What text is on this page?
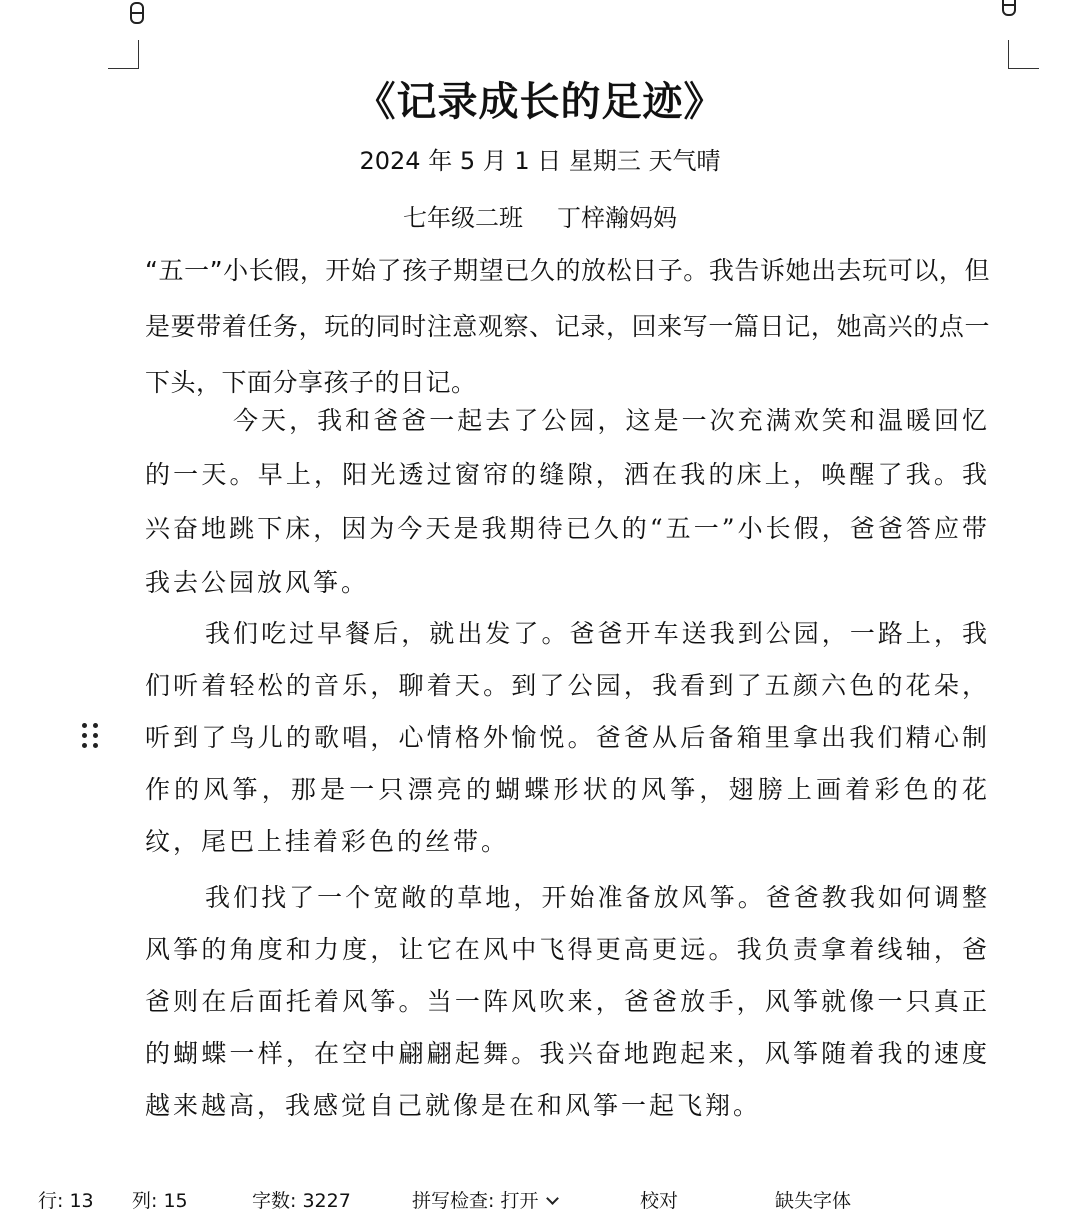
《记录成长的足迹》
2024 年 5 月 1 日 星期三 天气晴
七年级二班 丁梓瀚妈妈
“五一”小长假，开始了孩子期望已久的放松日子。我告诉她出去玩可以，但是要带着任务，玩的同时注意观察、记录，回来写一篇日记，她高兴的点一下头，下面分享孩子的日记。
今天，我和爸爸一起去了公园，这是一次充满欢笑和温暖回忆的一天。早上，阳光透过窗帘的缝隙，洒在我的床上，唤醒了我。我兴奋地跳下床，因为今天是我期待已久的“五一”小长假，爸爸答应带我去公园放风筝。
我们吃过早餐后，就出发了。爸爸开车送我到公园，一路上，我们听着轻松的音乐，聊着天。到了公园，我看到了五颜六色的花朵，听到了鸟儿的歌唱，心情格外愉悦。爸爸从后备箱里拿出我们精心制作的风筝，那是一只漂亮的蝴蝶形状的风筝，翅膀上画着彩色的花纹，尾巴上挂着彩色的丝带。
我们找了一个宽敞的草地，开始准备放风筝。爸爸教我如何调整风筝的角度和力度，让它在风中飞得更高更远。我负责拿着线轴，爸爸则在后面托着风筝。当一阵风吹来，爸爸放手，风筝就像一只真正的蝴蝶一样，在空中翩翩起舞。我兴奋地跑起来，风筝随着我的速度越来越高，我感觉自己就像是在和风筝一起飞翔。
行: 13 列: 15	字数: 3227	拼写检查: 打开	校对	缺失字体
